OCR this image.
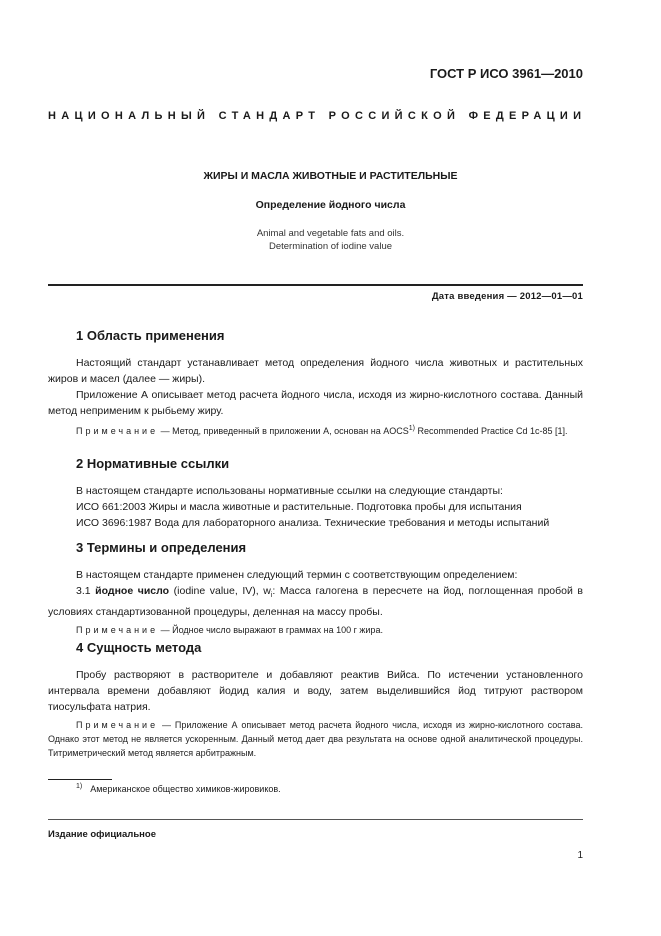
ГОСТ Р ИСО 3961—2010
НАЦИОНАЛЬНЫЙ СТАНДАРТ РОССИЙСКОЙ ФЕДЕРАЦИИ
ЖИРЫ И МАСЛА ЖИВОТНЫЕ И РАСТИТЕЛЬНЫЕ
Определение йодного числа
Animal and vegetable fats and oils.
Determination of iodine value
Дата введения — 2012—01—01
1 Область применения

Настоящий стандарт устанавливает метод определения йодного числа животных и растительных жиров и масел (далее — жиры).

Приложение А описывает метод расчета йодного числа, исходя из жирно-кислотного состава. Данный метод неприменим к рыбьему жиру.

Примечание — Метод, приведенный в приложении А, основан на AOCS$^{1)}$ Recommended Practice Cd 1c-85 [1].

2 Нормативные ссылки

В настоящем стандарте использованы нормативные ссылки на следующие стандарты:

ИСО 661:2003 Жиры и масла животные и растительные. Подготовка пробы для испытания

ИСО 3696:1987 Вода для лабораторного анализа. Технические требования и методы испытаний

3 Термины и определения

В настоящем стандарте применен следующий термин с соответствующим определением:

3.1 йодное число (iodine value, IV), $w_i$: Масса галогена в пересчете на йод, поглощенная пробой в условиях стандартизованной процедуры, деленная на массу пробы.

Примечание — Йодное число выражают в граммах на 100 г жира.

4 Сущность метода

Пробу растворяют в растворителе и добавляют реактив Вийса. По истечении установленного интервала времени добавляют йодид калия и воду, затем выделившийся йод титруют раствором тиосульфата натрия.

Примечание — Приложение А описывает метод расчета йодного числа, исходя из жирно-кислотного состава. Однако этот метод не является ускоренным. Данный метод дает два результата на основе одной аналитической процедуры. Титриметрический метод является арбитражным.

$^{1)}$ Американское общество химиков-жировиков.
Издание официальное
1
